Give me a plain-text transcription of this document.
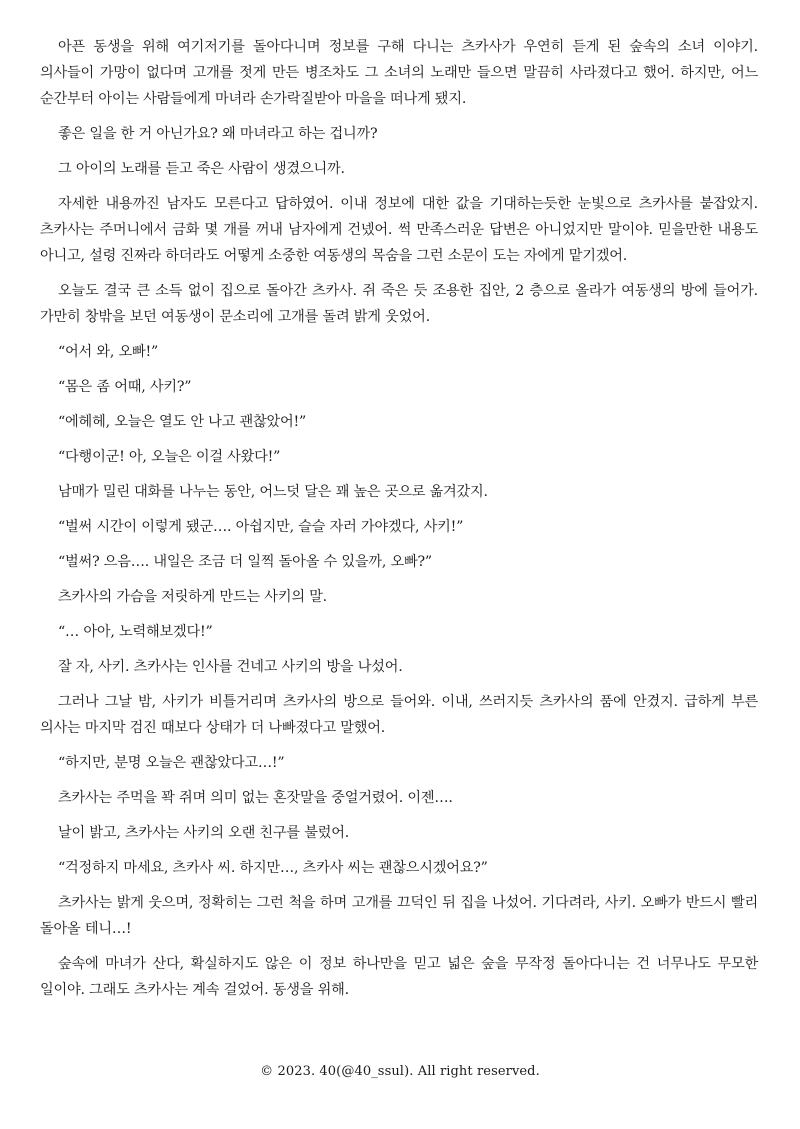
아픈 동생을 위해 여기저기를 돌아다니며 정보를 구해 다니는 츠카사가 우연히 듣게 된 숲속의 소녀 이야기. 의사들이 가망이 없다며 고개를 젓게 만든 병조차도 그 소녀의 노래만 들으면 말끔히 사라졌다고 했어. 하지만, 어느 순간부터 아이는 사람들에게 마녀라 손가락질받아 마을을 떠나게 됐지.

좋은 일을 한 거 아닌가요? 왜 마녀라고 하는 겁니까?

그 아이의 노래를 듣고 죽은 사람이 생겼으니까.

자세한 내용까진 남자도 모른다고 답하였어. 이내 정보에 대한 값을 기대하는듯한 눈빛으로 츠카사를 붙잡았지. 츠카사는 주머니에서 금화 몇 개를 꺼내 남자에게 건넸어. 썩 만족스러운 답변은 아니었지만 말이야. 믿을만한 내용도 아니고, 설령 진짜라 하더라도 어떻게 소중한 여동생의 목숨을 그런 소문이 도는 자에게 맡기겠어.

오늘도 결국 큰 소득 없이 집으로 돌아간 츠카사. 쥐 죽은 듯 조용한 집안, 2 층으로 올라가 여동생의 방에 들어가. 가만히 창밖을 보던 여동생이 문소리에 고개를 돌려 밝게 웃었어.

“어서 와, 오빠!”

“몸은 좀 어때, 사키?”

“에헤헤, 오늘은 열도 안 나고 괜찮았어!”

“다행이군! 아, 오늘은 이걸 사왔다!”

남매가 밀린 대화를 나누는 동안, 어느덧 달은 꽤 높은 곳으로 옮겨갔지.

“벌써 시간이 이렇게 됐군…. 아쉽지만, 슬슬 자러 가야겠다, 사키!”

“벌써? 으음…. 내일은 조금 더 일찍 돌아올 수 있을까, 오빠?”

츠카사의 가슴을 저릿하게 만드는 사키의 말.

“… 아아, 노력해보겠다!”

잘 자, 사키. 츠카사는 인사를 건네고 사키의 방을 나섰어.

그러나 그날 밤, 사키가 비틀거리며 츠카사의 방으로 들어와. 이내, 쓰러지듯 츠카사의 품에 안겼지. 급하게 부른 의사는 마지막 검진 때보다 상태가 더 나빠졌다고 말했어.

“하지만, 분명 오늘은 괜찮았다고…!”

츠카사는 주먹을 꽉 쥐며 의미 없는 혼잣말을 중얼거렸어. 이젠….

날이 밝고, 츠카사는 사키의 오랜 친구를 불렀어.

“걱정하지 마세요, 츠카사 씨. 하지만…, 츠카사 씨는 괜찮으시겠어요?”

츠카사는 밝게 웃으며, 정확히는 그런 척을 하며 고개를 끄덕인 뒤 집을 나섰어. 기다려라, 사키. 오빠가 반드시 빨리 돌아올 테니…!

숲속에 마녀가 산다, 확실하지도 않은 이 정보 하나만을 믿고 넓은 숲을 무작정 돌아다니는 건 너무나도 무모한 일이야. 그래도 츠카사는 계속 걸었어. 동생을 위해.

© 2023. 40(@40_ssul). All right reserved.
